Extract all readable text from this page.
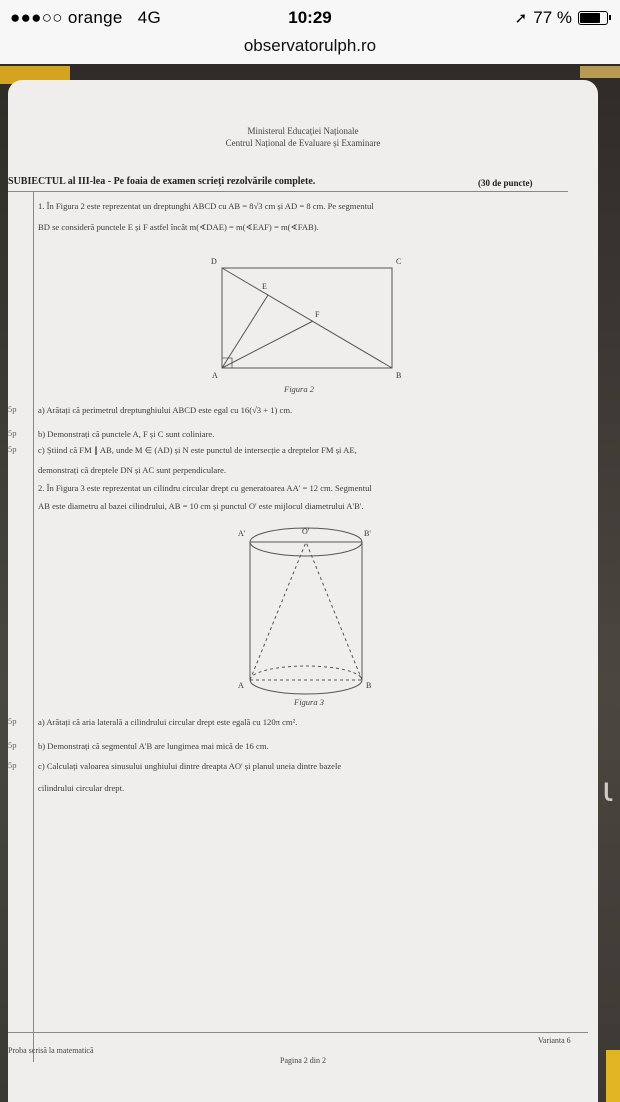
●●●○○ orange 4G	10:29	➚ 77 %
observatorulph.ro
ι
Ministerul Educației Naționale
Centrul Național de Evaluare și Examinare
SUBIECTUL al III-lea - Pe foaia de examen scrieți rezolvările complete.	(30 de puncte)
1. În Figura 2 este reprezentat un dreptunghi ABCD cu AB = 8√3 cm și AD = 8 cm. Pe segmentul
BD se consideră punctele E și F astfel încât m(∢DAE) = m(∢EAF) = m(∢FAB).
D	C
E
F
A	B
Figura 2
5p	a) Arătați că perimetrul dreptunghiului ABCD este egal cu 16(√3 + 1) cm.
5p	b) Demonstrați că punctele A, F și C sunt coliniare.
5p	c) Știind că FM ∥ AB, unde M ∈ (AD) și N este punctul de intersecție a dreptelor FM și AE,
demonstrați că dreptele DN și AC sunt perpendiculare.
2. În Figura 3 este reprezentat un cilindru circular drept cu generatoarea AA' = 12 cm. Segmentul
AB este diametru al bazei cilindrului, AB = 10 cm și punctul O' este mijlocul diametrului A'B'.
A'	O'	B'
A	B
Figura 3
5p	a) Arătați că aria laterală a cilindrului circular drept este egală cu 120π cm².
5p	b) Demonstrați că segmentul A'B are lungimea mai mică de 16 cm.
5p	c) Calculați valoarea sinusului unghiului dintre dreapta AO' și planul uneia dintre bazele
cilindrului circular drept.
Proba scrisă la matematică
Pagina 2 din 2
Varianta 6
